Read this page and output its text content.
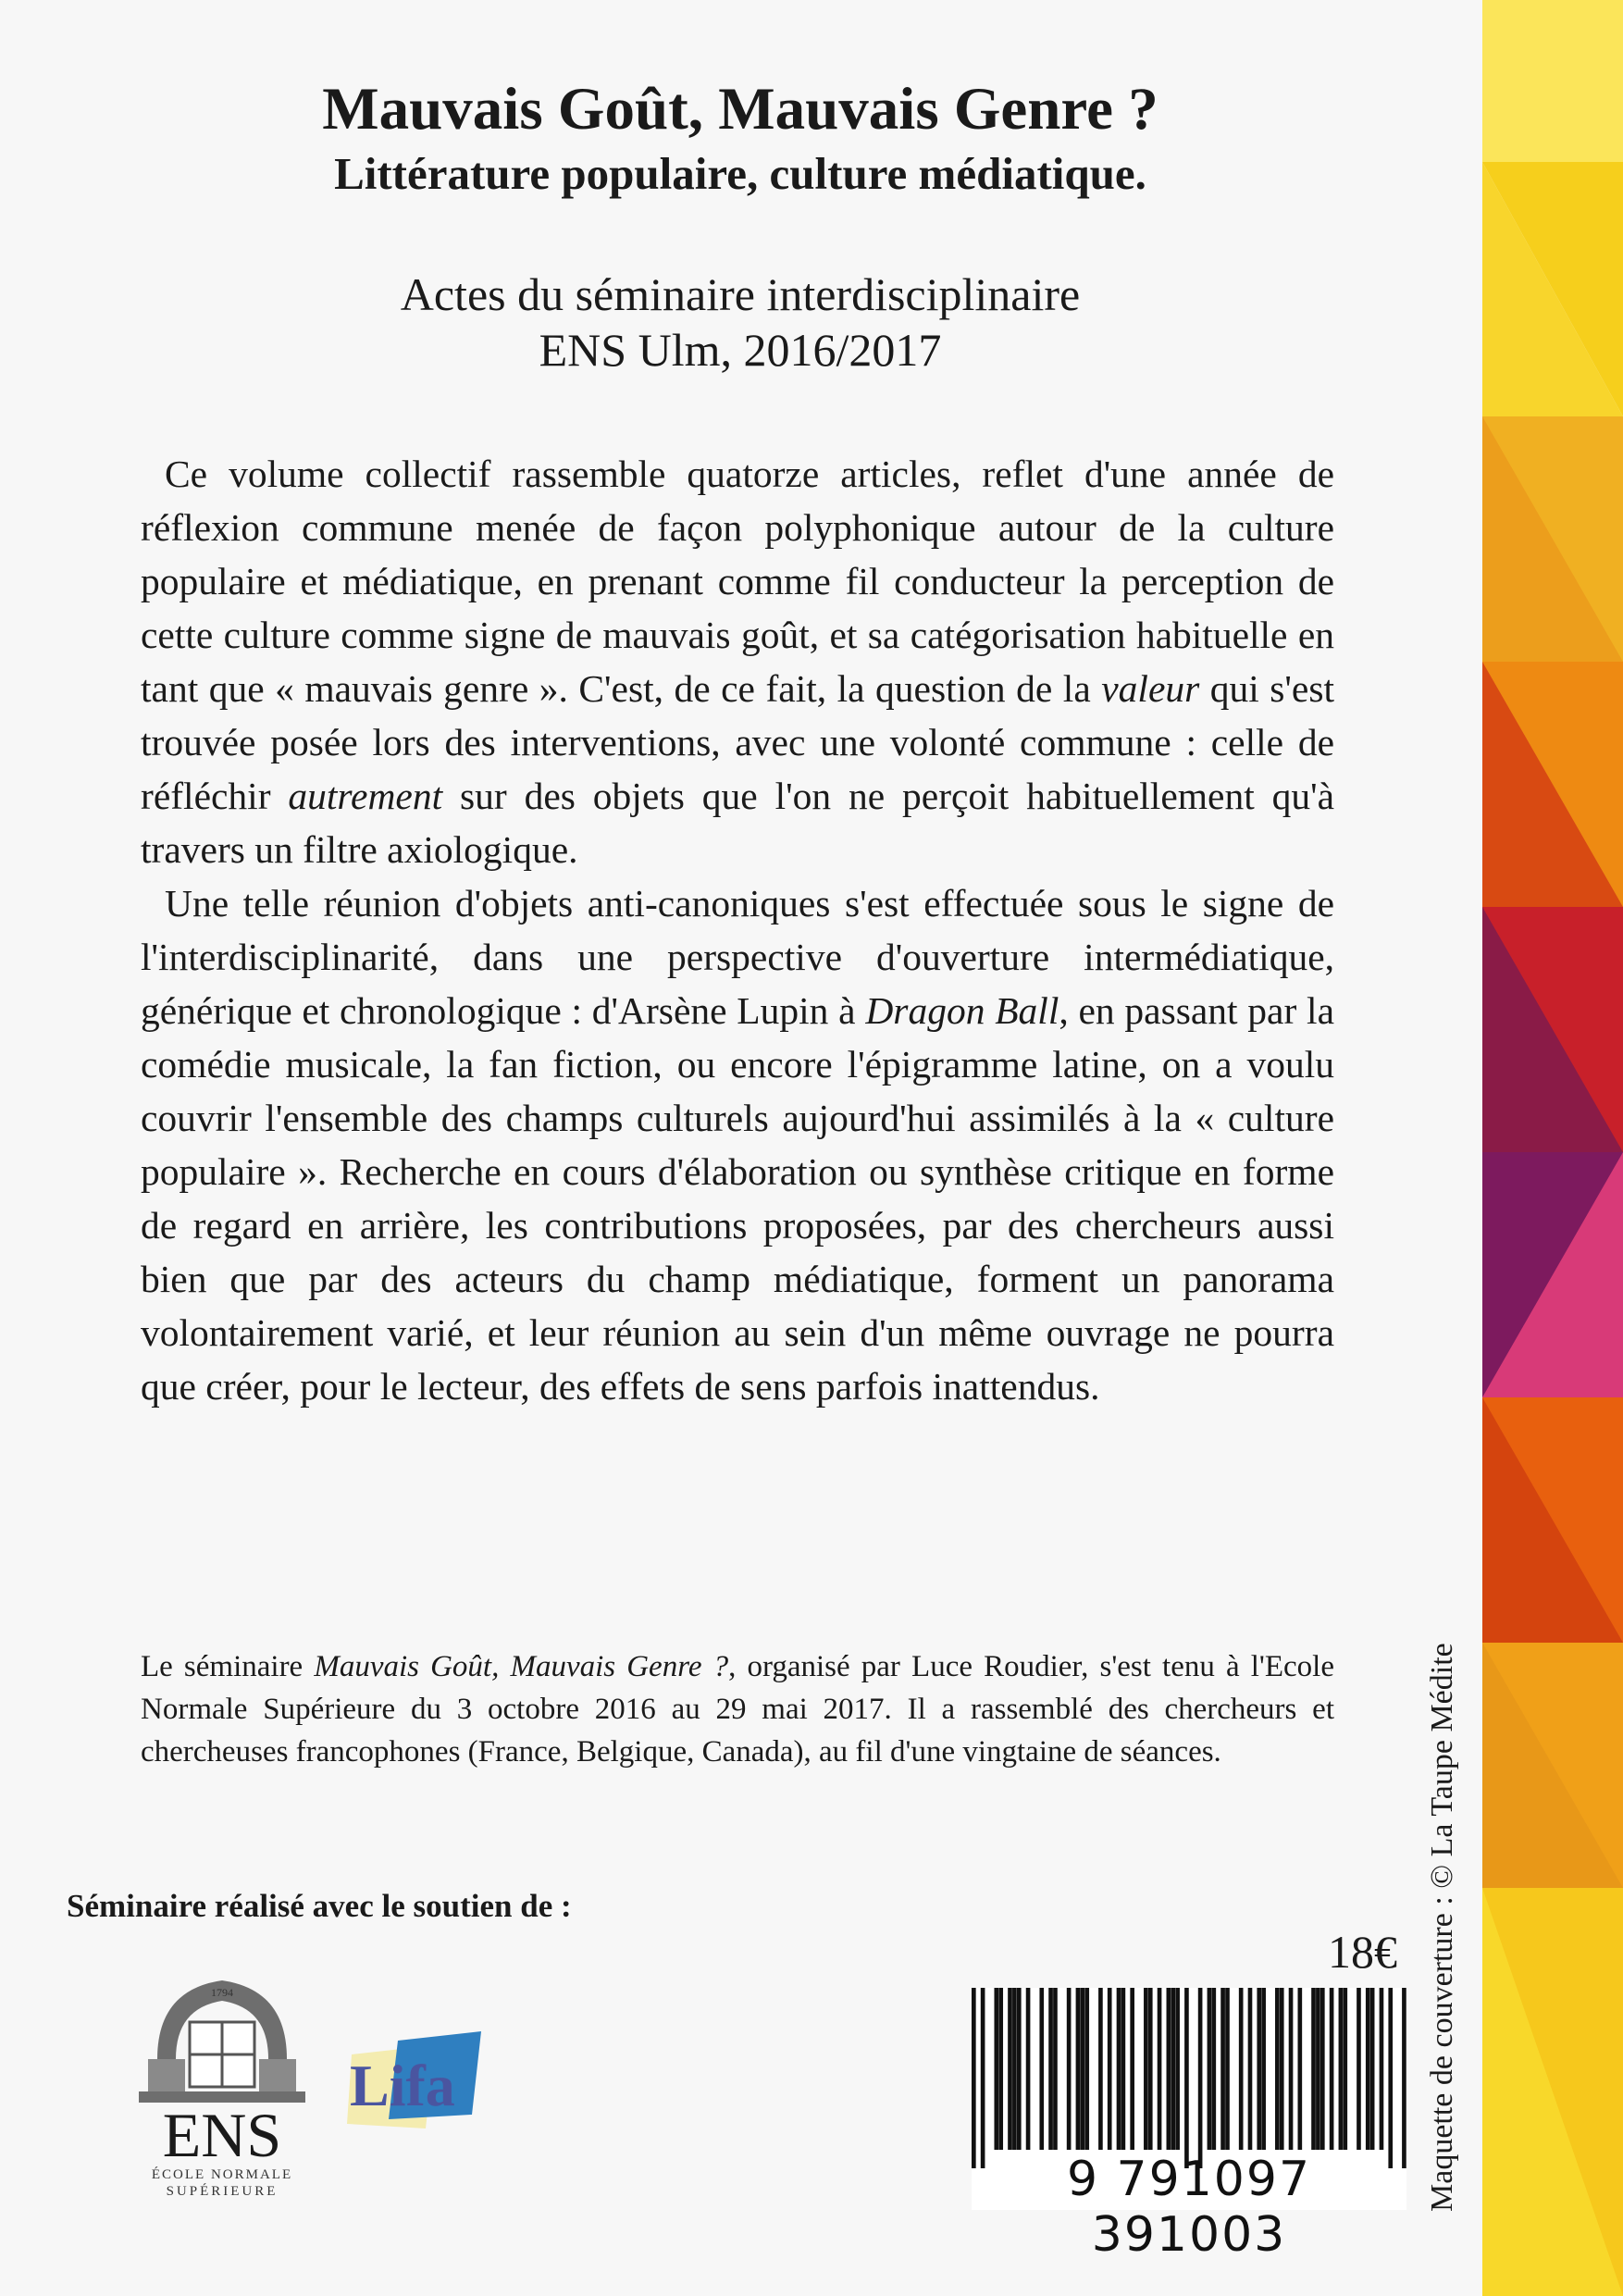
Mauvais Goût, Mauvais Genre ?
Littérature populaire, culture médiatique.
Actes du séminaire interdisciplinaire
ENS Ulm, 2016/2017

Ce volume collectif rassemble quatorze articles, reflet d'une année de réflexion commune menée de façon polyphonique autour de la culture populaire et médiatique, en prenant comme fil conducteur la perception de cette culture comme signe de mauvais goût, et sa catégorisation habituelle en tant que « mauvais genre ». C'est, de ce fait, la question de la valeur qui s'est trouvée posée lors des interventions, avec une volonté commune : celle de réfléchir autrement sur des objets que l'on ne perçoit habituellement qu'à travers un filtre axiologique.

Une telle réunion d'objets anti-canoniques s'est effectuée sous le signe de l'interdisciplinarité, dans une perspective d'ouverture intermédiatique, générique et chronologique : d'Arsène Lupin à Dragon Ball, en passant par la comédie musicale, la fan fiction, ou encore l'épigramme latine, on a voulu couvrir l'ensemble des champs culturels aujourd'hui assimilés à la « culture populaire ». Recherche en cours d'élaboration ou synthèse critique en forme de regard en arrière, les contributions proposées, par des chercheurs aussi bien que par des acteurs du champ médiatique, forment un panorama volontairement varié, et leur réunion au sein d'un même ouvrage ne pourra que créer, pour le lecteur, des effets de sens parfois inattendus.

Le séminaire Mauvais Goût, Mauvais Genre ?, organisé par Luce Roudier, s'est tenu à l'Ecole Normale Supérieure du 3 octobre 2016 au 29 mai 2017. Il a rassemblé des chercheurs et chercheuses francophones (France, Belgique, Canada), au fil d'une vingtaine de séances.

Séminaire réalisé avec le soutien de :
1794
ENS
ÉCOLE NORMALE
SUPÉRIEURE
Lifa
18€
9 791097 391003
Maquette de couverture : © La Taupe Médite
